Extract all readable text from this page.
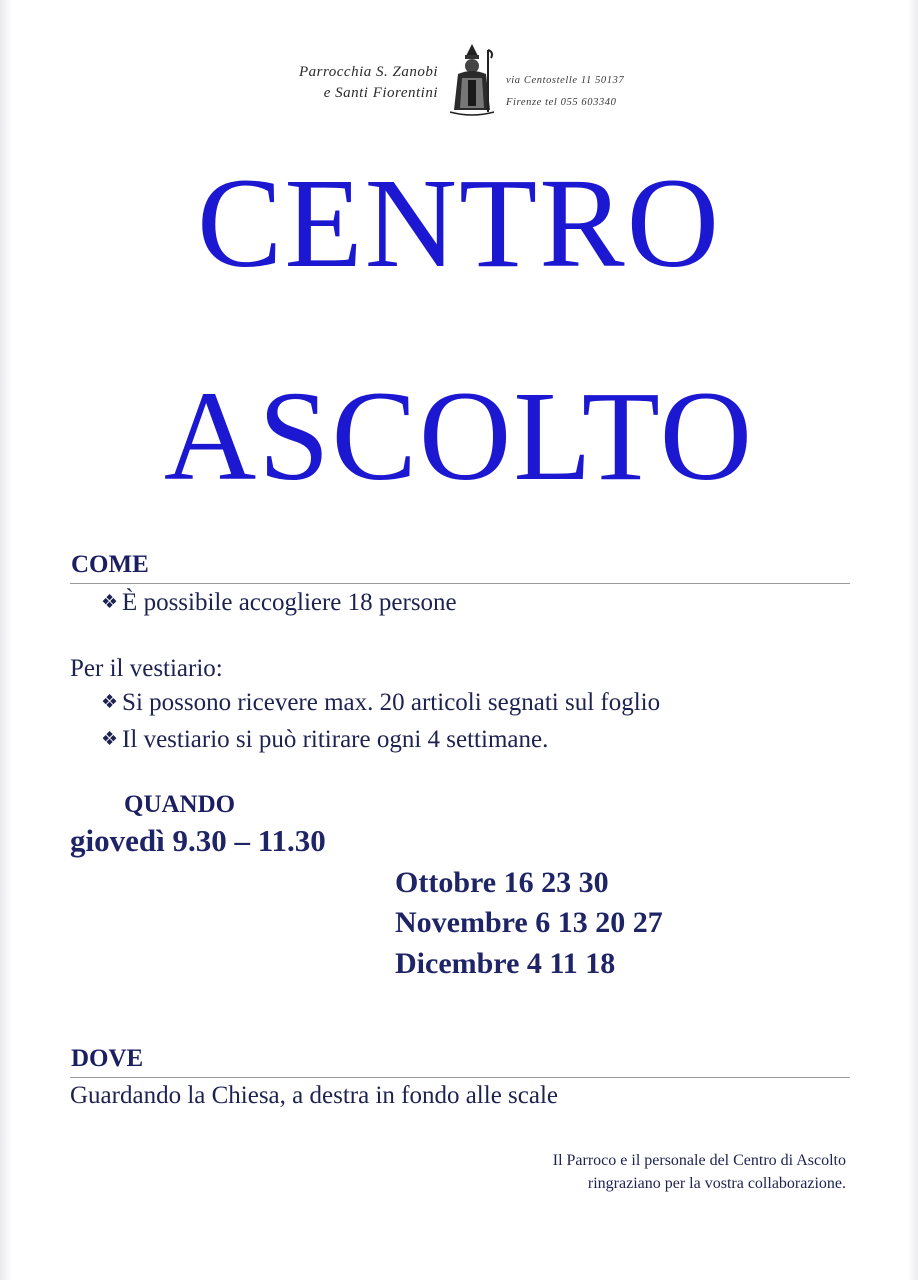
Parrocchia S. Zanobi
e Santi Fiorentini
via Centostelle 11 50137
Firenze tel 055 603340
CENTRO
ASCOLTO
COME
❖ È possibile accogliere 18 persone
Per il vestiario:
❖ Si possono ricevere max. 20 articoli segnati sul foglio
❖ Il vestiario si può ritirare ogni 4 settimane.
QUANDO
giovedì 9.30 – 11.30
Ottobre 16 23 30
Novembre 6 13 20 27
Dicembre 4 11 18
DOVE
Guardando la Chiesa, a destra in fondo alle scale
Il Parroco e il personale del Centro di Ascolto
ringraziano per la vostra collaborazione.
